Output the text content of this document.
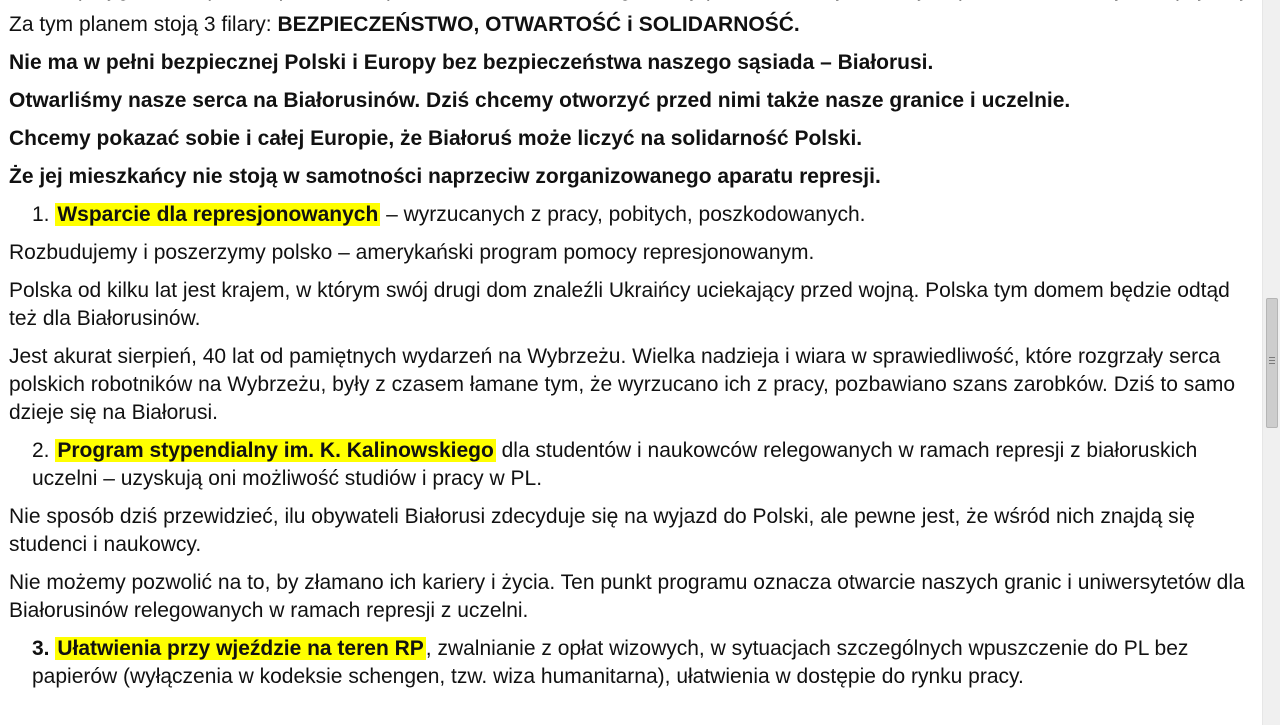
Za tym planem stoją 3 filary: BEZPIECZEŃSTWO, OTWARTOŚĆ i SOLIDARNOŚĆ.

Nie ma w pełni bezpiecznej Polski i Europy bez bezpieczeństwa naszego sąsiada – Białorusi.

Otwarliśmy nasze serca na Białorusinów. Dziś chcemy otworzyć przed nimi także nasze granice i uczelnie.

Chcemy pokazać sobie i całej Europie, że Białoruś może liczyć na solidarność Polski.

Że jej mieszkańcy nie stoją w samotności naprzeciw zorganizowanego aparatu represji.

1. Wsparcie dla represjonowanych – wyrzucanych z pracy, pobitych, poszkodowanych.

Rozbudujemy i poszerzymy polsko – amerykański program pomocy represjonowanym.

Polska od kilku lat jest krajem, w którym swój drugi dom znaleźli Ukraińcy uciekający przed wojną. Polska tym domem będzie odtąd też dla Białorusinów.

Jest akurat sierpień, 40 lat od pamiętnych wydarzeń na Wybrzeżu. Wielka nadzieja i wiara w sprawiedliwość, które rozgrzały serca polskich robotników na Wybrzeżu, były z czasem łamane tym, że wyrzucano ich z pracy, pozbawiano szans zarobków. Dziś to samo dzieje się na Białorusi.

2. Program stypendialny im. K. Kalinowskiego dla studentów i naukowców relegowanych w ramach represji z białoruskich uczelni – uzyskują oni możliwość studiów i pracy w PL.

Nie sposób dziś przewidzieć, ilu obywateli Białorusi zdecyduje się na wyjazd do Polski, ale pewne jest, że wśród nich znajdą się studenci i naukowcy.

Nie możemy pozwolić na to, by złamano ich kariery i życia. Ten punkt programu oznacza otwarcie naszych granic i uniwersytetów dla Białorusinów relegowanych w ramach represji z uczelni.

3. Ułatwienia przy wjeździe na teren RP, zwalnianie z opłat wizowych, w sytuacjach szczególnych wpuszczenie do PL bez papierów (wyłączenia w kodeksie schengen, tzw. wiza humanitarna), ułatwienia w dostępie do rynku pracy.
